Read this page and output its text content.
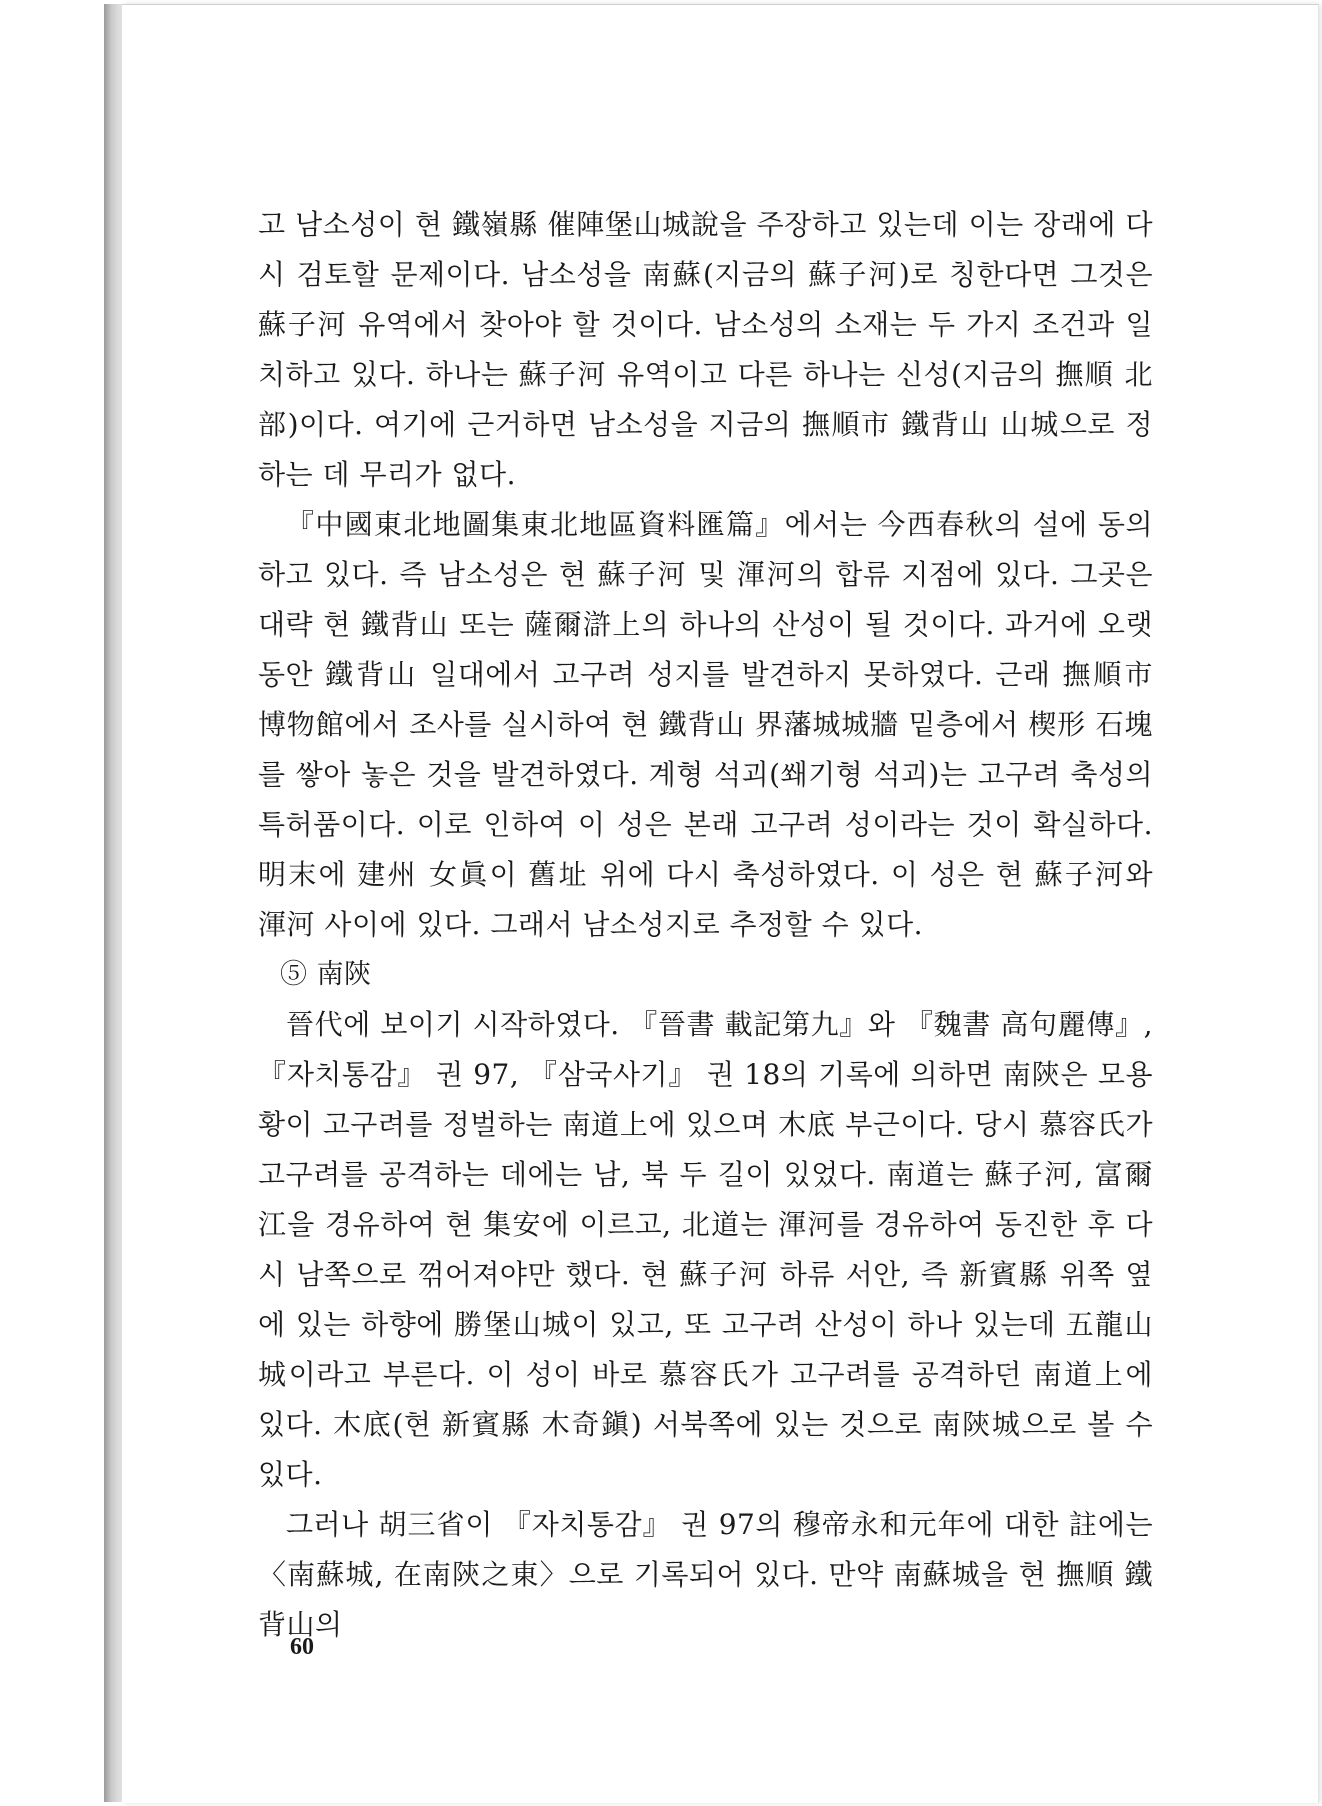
고 남소성이 현 鐵嶺縣 催陣堡山城說을 주장하고 있는데 이는 장래에 다시 검토할 문제이다. 남소성을 南蘇(지금의 蘇子河)로 칭한다면 그것은 蘇子河 유역에서 찾아야 할 것이다. 남소성의 소재는 두 가지 조건과 일치하고 있다. 하나는 蘇子河 유역이고 다른 하나는 신성(지금의 撫順 北部)이다. 여기에 근거하면 남소성을 지금의 撫順市 鐵背山 山城으로 정하는 데 무리가 없다.

『中國東北地圖集東北地區資料匯篇』에서는 今西春秋의 설에 동의하고 있다. 즉 남소성은 현 蘇子河 및 渾河의 합류 지점에 있다. 그곳은 대략 현 鐵背山 또는 薩爾滸上의 하나의 산성이 될 것이다. 과거에 오랫동안 鐵背山 일대에서 고구려 성지를 발견하지 못하였다. 근래 撫順市 博物館에서 조사를 실시하여 현 鐵背山 界藩城城牆 밑층에서 楔形 石塊를 쌓아 놓은 것을 발견하였다. 계형 석괴(쐐기형 석괴)는 고구려 축성의 특허품이다. 이로 인하여 이 성은 본래 고구려 성이라는 것이 확실하다. 明末에 建州 女眞이 舊址 위에 다시 축성하였다. 이 성은 현 蘇子河와 渾河 사이에 있다. 그래서 남소성지로 추정할 수 있다.

⑤ 南陝

晉代에 보이기 시작하였다. 『晉書 載記第九』와 『魏書 高句麗傳』, 『자치통감』 권 97, 『삼국사기』 권 18의 기록에 의하면 南陝은 모용황이 고구려를 정벌하는 南道上에 있으며 木底 부근이다. 당시 慕容氏가 고구려를 공격하는 데에는 남, 북 두 길이 있었다. 南道는 蘇子河, 富爾江을 경유하여 현 集安에 이르고, 北道는 渾河를 경유하여 동진한 후 다시 남쪽으로 꺾어져야만 했다. 현 蘇子河 하류 서안, 즉 新賓縣 위쪽 옆에 있는 하향에 勝堡山城이 있고, 또 고구려 산성이 하나 있는데 五龍山城이라고 부른다. 이 성이 바로 慕容氏가 고구려를 공격하던 南道上에 있다. 木底(현 新賓縣 木奇鎭) 서북쪽에 있는 것으로 南陝城으로 볼 수 있다.

그러나 胡三省이 『자치통감』 권 97의 穆帝永和元年에 대한 註에는 〈南蘇城, 在南陝之東〉으로 기록되어 있다. 만약 南蘇城을 현 撫順 鐵背山의

60
